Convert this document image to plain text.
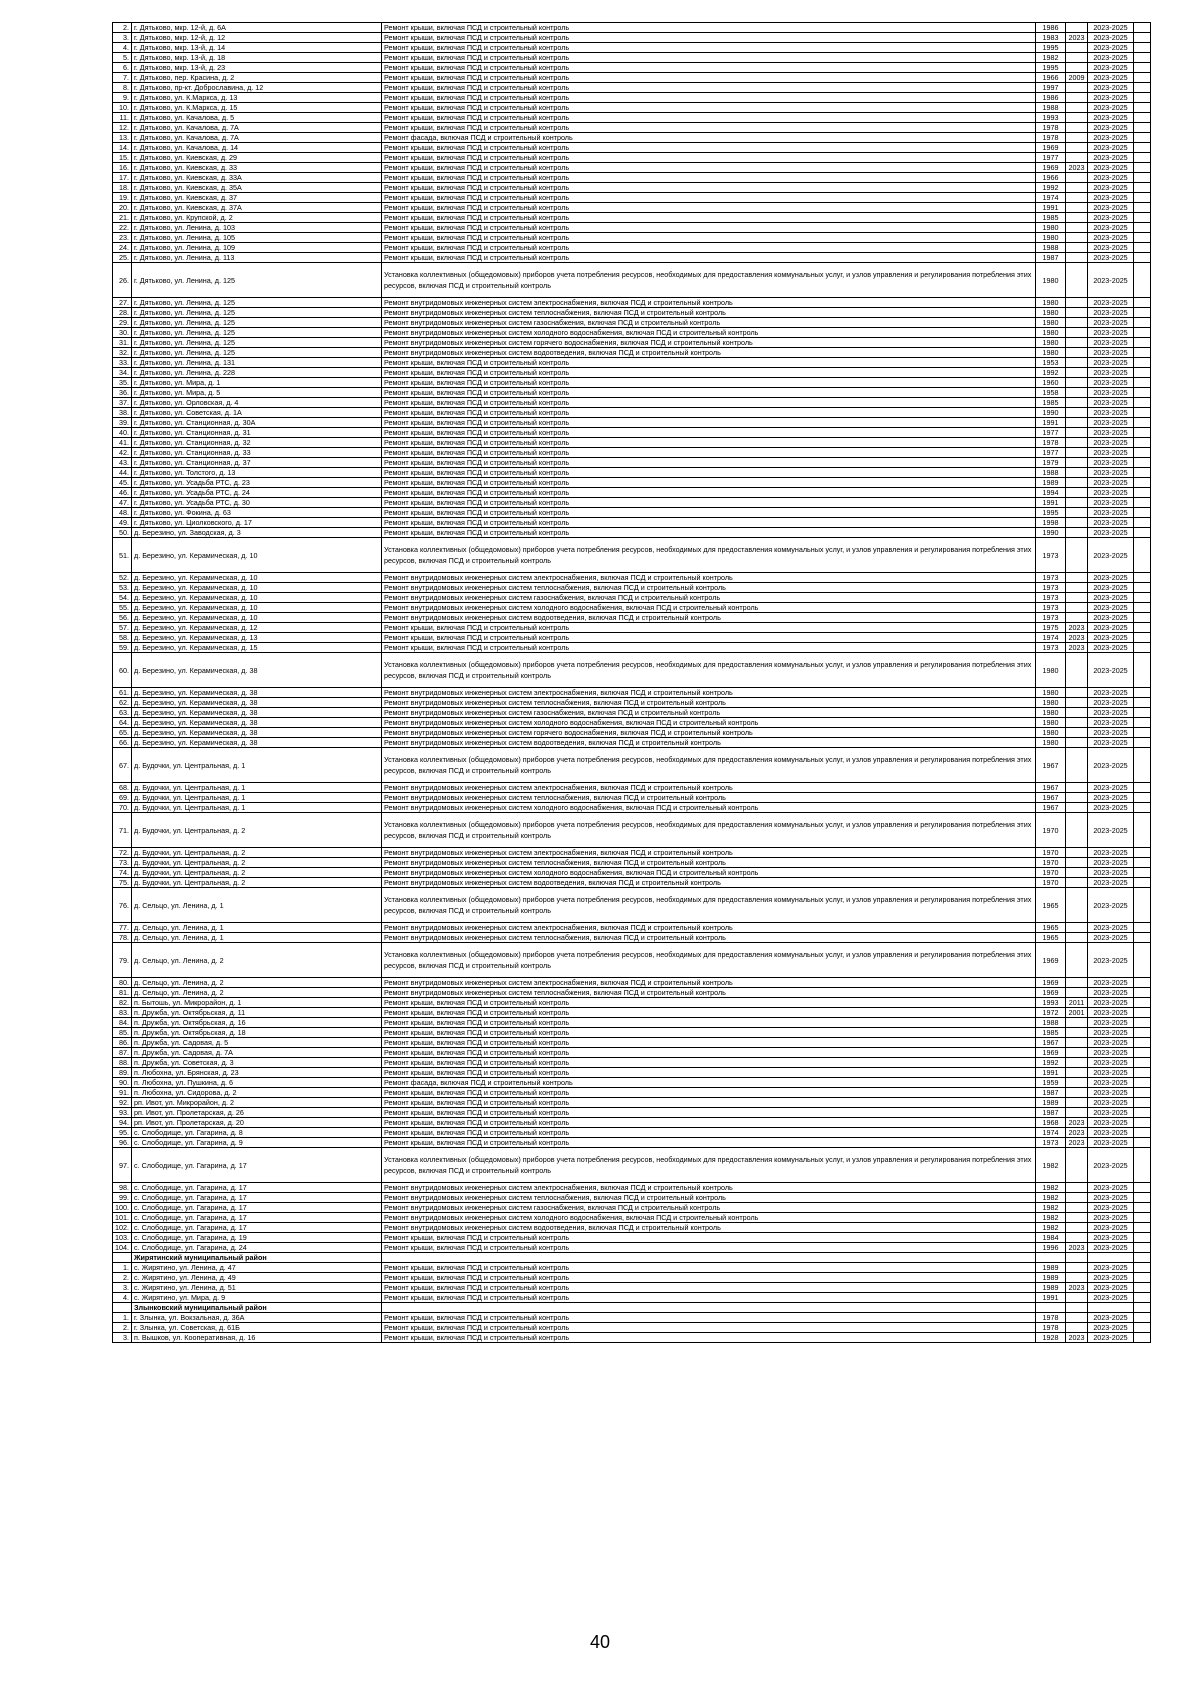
2.	г. Дятьково, мкр. 12-й, д. 6А	Ремонт крыши, включая ПСД и строительный контроль	1986		2023-2025	
3.	г. Дятьково, мкр. 12-й, д. 12	Ремонт крыши, включая ПСД и строительный контроль	1983	2023	2023-2025	
4.	г. Дятьково, мкр. 13-й, д. 14	Ремонт крыши, включая ПСД и строительный контроль	1995		2023-2025	
5.	г. Дятьково, мкр. 13-й, д. 18	Ремонт крыши, включая ПСД и строительный контроль	1982		2023-2025	
6.	г. Дятьково, мкр. 13-й, д. 23	Ремонт крыши, включая ПСД и строительный контроль	1995		2023-2025	
7.	г. Дятьково, пер. Красина, д. 2	Ремонт крыши, включая ПСД и строительный контроль	1966	2009	2023-2025	
8.	г. Дятьково, пр-кт. Доброславина, д. 12	Ремонт крыши, включая ПСД и строительный контроль	1997		2023-2025	
9.	г. Дятьково, ул. К.Маркса, д. 13	Ремонт крыши, включая ПСД и строительный контроль	1986		2023-2025	
10.	г. Дятьково, ул. К.Маркса, д. 15	Ремонт крыши, включая ПСД и строительный контроль	1988		2023-2025	
11.	г. Дятьково, ул. Качалова, д. 5	Ремонт крыши, включая ПСД и строительный контроль	1993		2023-2025	
12.	г. Дятьково, ул. Качалова, д. 7А	Ремонт крыши, включая ПСД и строительный контроль	1978		2023-2025	
13.	г. Дятьково, ул. Качалова, д. 7А	Ремонт фасада, включая ПСД и строительный контроль	1978		2023-2025	
14.	г. Дятьково, ул. Качалова, д. 14	Ремонт крыши, включая ПСД и строительный контроль	1969		2023-2025	
15.	г. Дятьково, ул. Киевская, д. 29	Ремонт крыши, включая ПСД и строительный контроль	1977		2023-2025	
16.	г. Дятьково, ул. Киевская, д. 33	Ремонт крыши, включая ПСД и строительный контроль	1969	2023	2023-2025	
17.	г. Дятьково, ул. Киевская, д. 33А	Ремонт крыши, включая ПСД и строительный контроль	1966		2023-2025	
18.	г. Дятьково, ул. Киевская, д. 35А	Ремонт крыши, включая ПСД и строительный контроль	1992		2023-2025	
19.	г. Дятьково, ул. Киевская, д. 37	Ремонт крыши, включая ПСД и строительный контроль	1974		2023-2025	
20.	г. Дятьково, ул. Киевская, д. 37А	Ремонт крыши, включая ПСД и строительный контроль	1991		2023-2025	
21.	г. Дятьково, ул. Крупской, д. 2	Ремонт крыши, включая ПСД и строительный контроль	1985		2023-2025	
22.	г. Дятьково, ул. Ленина, д. 103	Ремонт крыши, включая ПСД и строительный контроль	1980		2023-2025	
23.	г. Дятьково, ул. Ленина, д. 105	Ремонт крыши, включая ПСД и строительный контроль	1980		2023-2025	
24.	г. Дятьково, ул. Ленина, д. 109	Ремонт крыши, включая ПСД и строительный контроль	1988		2023-2025	
25.	г. Дятьково, ул. Ленина, д. 113	Ремонт крыши, включая ПСД и строительный контроль	1987		2023-2025	
26.	г. Дятьково, ул. Ленина, д. 125	Установка коллективных (общедомовых) приборов учета потребления ресурсов, необходимых для предоставления коммунальных услуг, и узлов управления и регулирования потребления этих ресурсов, включая ПСД и строительный контроль	1980		2023-2025	
27.	г. Дятьково, ул. Ленина, д. 125	Ремонт внутридомовых инженерных систем электроснабжения, включая ПСД и строительный контроль	1980		2023-2025	
28.	г. Дятьково, ул. Ленина, д. 125	Ремонт внутридомовых инженерных систем теплоснабжения, включая ПСД и строительный контроль	1980		2023-2025	
29.	г. Дятьково, ул. Ленина, д. 125	Ремонт внутридомовых инженерных систем газоснабжения, включая ПСД и строительный контроль	1980		2023-2025	
30.	г. Дятьково, ул. Ленина, д. 125	Ремонт внутридомовых инженерных систем холодного водоснабжения, включая ПСД и строительный контроль	1980		2023-2025	
31.	г. Дятьково, ул. Ленина, д. 125	Ремонт внутридомовых инженерных систем горячего водоснабжения, включая ПСД и строительный контроль	1980		2023-2025	
32.	г. Дятьково, ул. Ленина, д. 125	Ремонт внутридомовых инженерных систем водоотведения, включая ПСД и строительный контроль	1980		2023-2025	
33.	г. Дятьково, ул. Ленина, д. 131	Ремонт крыши, включая ПСД и строительный контроль	1953		2023-2025	
34.	г. Дятьково, ул. Ленина, д. 228	Ремонт крыши, включая ПСД и строительный контроль	1992		2023-2025	
35.	г. Дятьково, ул. Мира, д. 1	Ремонт крыши, включая ПСД и строительный контроль	1960		2023-2025	
36.	г. Дятьково, ул. Мира, д. 5	Ремонт крыши, включая ПСД и строительный контроль	1958		2023-2025	
37.	г. Дятьково, ул. Орловская, д. 4	Ремонт крыши, включая ПСД и строительный контроль	1985		2023-2025	
38.	г. Дятьково, ул. Советская, д. 1А	Ремонт крыши, включая ПСД и строительный контроль	1990		2023-2025	
39.	г. Дятьково, ул. Станционная, д. 30А	Ремонт крыши, включая ПСД и строительный контроль	1991		2023-2025	
40.	г. Дятьково, ул. Станционная, д. 31	Ремонт крыши, включая ПСД и строительный контроль	1977		2023-2025	
41.	г. Дятьково, ул. Станционная, д. 32	Ремонт крыши, включая ПСД и строительный контроль	1978		2023-2025	
42.	г. Дятьково, ул. Станционная, д. 33	Ремонт крыши, включая ПСД и строительный контроль	1977		2023-2025	
43.	г. Дятьково, ул. Станционная, д. 37	Ремонт крыши, включая ПСД и строительный контроль	1979		2023-2025	
44.	г. Дятьково, ул. Толстого, д. 13	Ремонт крыши, включая ПСД и строительный контроль	1988		2023-2025	
45.	г. Дятьково, ул. Усадьба РТС, д. 23	Ремонт крыши, включая ПСД и строительный контроль	1989		2023-2025	
46.	г. Дятьково, ул. Усадьба РТС, д. 24	Ремонт крыши, включая ПСД и строительный контроль	1994		2023-2025	
47.	г. Дятьково, ул. Усадьба РТС, д. 30	Ремонт крыши, включая ПСД и строительный контроль	1991		2023-2025	
48.	г. Дятьково, ул. Фокина, д. 63	Ремонт крыши, включая ПСД и строительный контроль	1995		2023-2025	
49.	г. Дятьково, ул. Циолковского, д. 17	Ремонт крыши, включая ПСД и строительный контроль	1998		2023-2025	
50.	д. Березино, ул. Заводская, д. 3	Ремонт крыши, включая ПСД и строительный контроль	1990		2023-2025	
51.	д. Березино, ул. Керамическая, д. 10	Установка коллективных (общедомовых) приборов учета потребления ресурсов, необходимых для предоставления коммунальных услуг, и узлов управления и регулирования потребления этих ресурсов, включая ПСД и строительный контроль	1973		2023-2025	
52.	д. Березино, ул. Керамическая, д. 10	Ремонт внутридомовых инженерных систем электроснабжения, включая ПСД и строительный контроль	1973		2023-2025	
53.	д. Березино, ул. Керамическая, д. 10	Ремонт внутридомовых инженерных систем теплоснабжения, включая ПСД и строительный контроль	1973		2023-2025	
54.	д. Березино, ул. Керамическая, д. 10	Ремонт внутридомовых инженерных систем газоснабжения, включая ПСД и строительный контроль	1973		2023-2025	
55.	д. Березино, ул. Керамическая, д. 10	Ремонт внутридомовых инженерных систем холодного водоснабжения, включая ПСД и строительный контроль	1973		2023-2025	
56.	д. Березино, ул. Керамическая, д. 10	Ремонт внутридомовых инженерных систем водоотведения, включая ПСД и строительный контроль	1973		2023-2025	
57.	д. Березино, ул. Керамическая, д. 12	Ремонт крыши, включая ПСД и строительный контроль	1975	2023	2023-2025	
58.	д. Березино, ул. Керамическая, д. 13	Ремонт крыши, включая ПСД и строительный контроль	1974	2023	2023-2025	
59.	д. Березино, ул. Керамическая, д. 15	Ремонт крыши, включая ПСД и строительный контроль	1973	2023	2023-2025	
60.	д. Березино, ул. Керамическая, д. 38	Установка коллективных (общедомовых) приборов учета потребления ресурсов, необходимых для предоставления коммунальных услуг, и узлов управления и регулирования потребления этих ресурсов, включая ПСД и строительный контроль	1980		2023-2025	
61.	д. Березино, ул. Керамическая, д. 38	Ремонт внутридомовых инженерных систем электроснабжения, включая ПСД и строительный контроль	1980		2023-2025	
62.	д. Березино, ул. Керамическая, д. 38	Ремонт внутридомовых инженерных систем теплоснабжения, включая ПСД и строительный контроль	1980		2023-2025	
63.	д. Березино, ул. Керамическая, д. 38	Ремонт внутридомовых инженерных систем газоснабжения, включая ПСД и строительный контроль	1980		2023-2025	
64.	д. Березино, ул. Керамическая, д. 38	Ремонт внутридомовых инженерных систем холодного водоснабжения, включая ПСД и строительный контроль	1980		2023-2025	
65.	д. Березино, ул. Керамическая, д. 38	Ремонт внутридомовых инженерных систем горячего водоснабжения, включая ПСД и строительный контроль	1980		2023-2025	
66.	д. Березино, ул. Керамическая, д. 38	Ремонт внутридомовых инженерных систем водоотведения, включая ПСД и строительный контроль	1980		2023-2025	
67.	д. Будочки, ул. Центральная, д. 1	Установка коллективных (общедомовых) приборов учета потребления ресурсов, необходимых для предоставления коммунальных услуг, и узлов управления и регулирования потребления этих ресурсов, включая ПСД и строительный контроль	1967		2023-2025	
68.	д. Будочки, ул. Центральная, д. 1	Ремонт внутридомовых инженерных систем электроснабжения, включая ПСД и строительный контроль	1967		2023-2025	
69.	д. Будочки, ул. Центральная, д. 1	Ремонт внутридомовых инженерных систем теплоснабжения, включая ПСД и строительный контроль	1967		2023-2025	
70.	д. Будочки, ул. Центральная, д. 1	Ремонт внутридомовых инженерных систем холодного водоснабжения, включая ПСД и строительный контроль	1967		2023-2025	
71.	д. Будочки, ул. Центральная, д. 2	Установка коллективных (общедомовых) приборов учета потребления ресурсов, необходимых для предоставления коммунальных услуг, и узлов управления и регулирования потребления этих ресурсов, включая ПСД и строительный контроль	1970		2023-2025	
72.	д. Будочки, ул. Центральная, д. 2	Ремонт внутридомовых инженерных систем электроснабжения, включая ПСД и строительный контроль	1970		2023-2025	
73.	д. Будочки, ул. Центральная, д. 2	Ремонт внутридомовых инженерных систем теплоснабжения, включая ПСД и строительный контроль	1970		2023-2025	
74.	д. Будочки, ул. Центральная, д. 2	Ремонт внутридомовых инженерных систем холодного водоснабжения, включая ПСД и строительный контроль	1970		2023-2025	
75.	д. Будочки, ул. Центральная, д. 2	Ремонт внутридомовых инженерных систем водоотведения, включая ПСД и строительный контроль	1970		2023-2025	
76.	д. Сельцо, ул. Ленина, д. 1	Установка коллективных (общедомовых) приборов учета потребления ресурсов, необходимых для предоставления коммунальных услуг, и узлов управления и регулирования потребления этих ресурсов, включая ПСД и строительный контроль	1965		2023-2025	
77.	д. Сельцо, ул. Ленина, д. 1	Ремонт внутридомовых инженерных систем электроснабжения, включая ПСД и строительный контроль	1965		2023-2025	
78.	д. Сельцо, ул. Ленина, д. 1	Ремонт внутридомовых инженерных систем теплоснабжения, включая ПСД и строительный контроль	1965		2023-2025	
79.	д. Сельцо, ул. Ленина, д. 2	Установка коллективных (общедомовых) приборов учета потребления ресурсов, необходимых для предоставления коммунальных услуг, и узлов управления и регулирования потребления этих ресурсов, включая ПСД и строительный контроль	1969		2023-2025	
80.	д. Сельцо, ул. Ленина, д. 2	Ремонт внутридомовых инженерных систем электроснабжения, включая ПСД и строительный контроль	1969		2023-2025	
81.	д. Сельцо, ул. Ленина, д. 2	Ремонт внутридомовых инженерных систем теплоснабжения, включая ПСД и строительный контроль	1969		2023-2025	
82.	п. Бытошь, ул. Микрорайон, д. 1	Ремонт крыши, включая ПСД и строительный контроль	1993	2011	2023-2025	
83.	п. Дружба, ул. Октябрьская, д. 11	Ремонт крыши, включая ПСД и строительный контроль	1972	2001	2023-2025	
84.	п. Дружба, ул. Октябрьская, д. 16	Ремонт крыши, включая ПСД и строительный контроль	1988		2023-2025	
85.	п. Дружба, ул. Октябрьская, д. 18	Ремонт крыши, включая ПСД и строительный контроль	1985		2023-2025	
86.	п. Дружба, ул. Садовая, д. 5	Ремонт крыши, включая ПСД и строительный контроль	1967		2023-2025	
87.	п. Дружба, ул. Садовая, д. 7А	Ремонт крыши, включая ПСД и строительный контроль	1969		2023-2025	
88.	п. Дружба, ул. Советская, д. 3	Ремонт крыши, включая ПСД и строительный контроль	1992		2023-2025	
89.	п. Любохна, ул. Брянская, д. 23	Ремонт крыши, включая ПСД и строительный контроль	1991		2023-2025	
90.	п. Любохна, ул. Пушкина, д. 6	Ремонт фасада, включая ПСД и строительный контроль	1959		2023-2025	
91.	п. Любохна, ул. Сидорова, д. 2	Ремонт крыши, включая ПСД и строительный контроль	1987		2023-2025	
92.	рп. Ивот, ул. Микрорайон, д. 2	Ремонт крыши, включая ПСД и строительный контроль	1989		2023-2025	
93.	рп. Ивот, ул. Пролетарская, д. 26	Ремонт крыши, включая ПСД и строительный контроль	1987		2023-2025	
94.	рп. Ивот, ул. Пролетарская, д. 20	Ремонт крыши, включая ПСД и строительный контроль	1968	2023	2023-2025	
95.	с. Слободище, ул. Гагарина, д. 8	Ремонт крыши, включая ПСД и строительный контроль	1974	2023	2023-2025	
96.	с. Слободище, ул. Гагарина, д. 9	Ремонт крыши, включая ПСД и строительный контроль	1973	2023	2023-2025	
97.	с. Слободище, ул. Гагарина, д. 17	Установка коллективных (общедомовых) приборов учета потребления ресурсов, необходимых для предоставления коммунальных услуг, и узлов управления и регулирования потребления этих ресурсов, включая ПСД и строительный контроль	1982		2023-2025	
98.	с. Слободище, ул. Гагарина, д. 17	Ремонт внутридомовых инженерных систем электроснабжения, включая ПСД и строительный контроль	1982		2023-2025	
99.	с. Слободище, ул. Гагарина, д. 17	Ремонт внутридомовых инженерных систем теплоснабжения, включая ПСД и строительный контроль	1982		2023-2025	
100.	с. Слободище, ул. Гагарина, д. 17	Ремонт внутридомовых инженерных систем газоснабжения, включая ПСД и строительный контроль	1982		2023-2025	
101.	с. Слободище, ул. Гагарина, д. 17	Ремонт внутридомовых инженерных систем холодного водоснабжения, включая ПСД и строительный контроль	1982		2023-2025	
102.	с. Слободище, ул. Гагарина, д. 17	Ремонт внутридомовых инженерных систем водоотведения, включая ПСД и строительный контроль	1982		2023-2025	
103.	с. Слободище, ул. Гагарина, д. 19	Ремонт крыши, включая ПСД и строительный контроль	1984		2023-2025	
104.	с. Слободище, ул. Гагарина, д. 24	Ремонт крыши, включая ПСД и строительный контроль	1996	2023	2023-2025	
	Жирятинский муниципальный район					
1.	с. Жирятино, ул. Ленина, д. 47	Ремонт крыши, включая ПСД и строительный контроль	1989		2023-2025	
2.	с. Жирятино, ул. Ленина, д. 49	Ремонт крыши, включая ПСД и строительный контроль	1989		2023-2025	
3.	с. Жирятино, ул. Ленина, д. 51	Ремонт крыши, включая ПСД и строительный контроль	1989	2023	2023-2025	
4.	с. Жирятино, ул. Мира, д. 9	Ремонт крыши, включая ПСД и строительный контроль	1991		2023-2025	
	Злынковский муниципальный район					
1.	г. Злынка, ул. Вокзальная, д. 36А	Ремонт крыши, включая ПСД и строительный контроль	1978		2023-2025	
2.	г. Злынка, ул. Советская, д. 61Б	Ремонт крыши, включая ПСД и строительный контроль	1978		2023-2025	
3.	п. Вышков, ул. Кооперативная, д. 16	Ремонт крыши, включая ПСД и строительный контроль	1928	2023	2023-2025	
40
